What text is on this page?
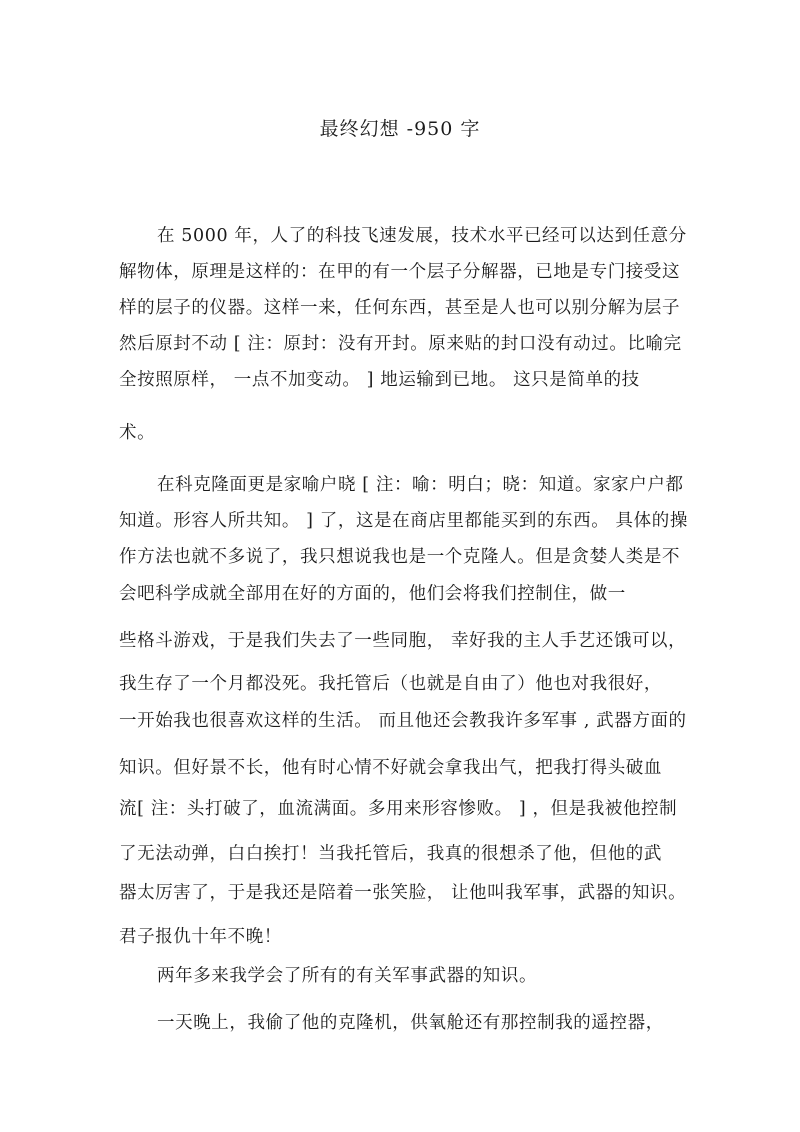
最终幻想 -950 字
在 5000 年，人了的科技飞速发展，技术水平已经可以达到任意分
解物体，原理是这样的：在甲的有一个层子分解器，已地是专门接受这
样的层子的仪器。这样一来，任何东西，甚至是人也可以别分解为层子
然后原封不动 [ 注：原封：没有开封。原来贴的封口没有动过。比喻完
全按照原样， 一点不加变动。 ] 地运输到已地。 这只是简单的技
术。
在科克隆面更是家喻户晓 [ 注：喻：明白；晓：知道。家家户户都
知道。形容人所共知。 ] 了，这是在商店里都能买到的东西。 具体的操
作方法也就不多说了，我只想说我也是一个克隆人。但是贪婪人类是不
会吧科学成就全部用在好的方面的，他们会将我们控制住，做一
些格斗游戏，于是我们失去了一些同胞， 幸好我的主人手艺还饿可以，
我生存了一个月都没死。我托管后（也就是自由了）他也对我很好，
一开始我也很喜欢这样的生活。 而且他还会教我许多军事 , 武器方面的
知识。但好景不长，他有时心情不好就会拿我出气，把我打得头破血
流[ 注：头打破了，血流满面。多用来形容惨败。 ] ，但是我被他控制
了无法动弹，白白挨打！当我托管后，我真的很想杀了他，但他的武
器太厉害了，于是我还是陪着一张笑脸， 让他叫我军事，武器的知识。
君子报仇十年不晚！
两年多来我学会了所有的有关军事武器的知识。
一天晚上，我偷了他的克隆机，供氧舱还有那控制我的遥控器，
